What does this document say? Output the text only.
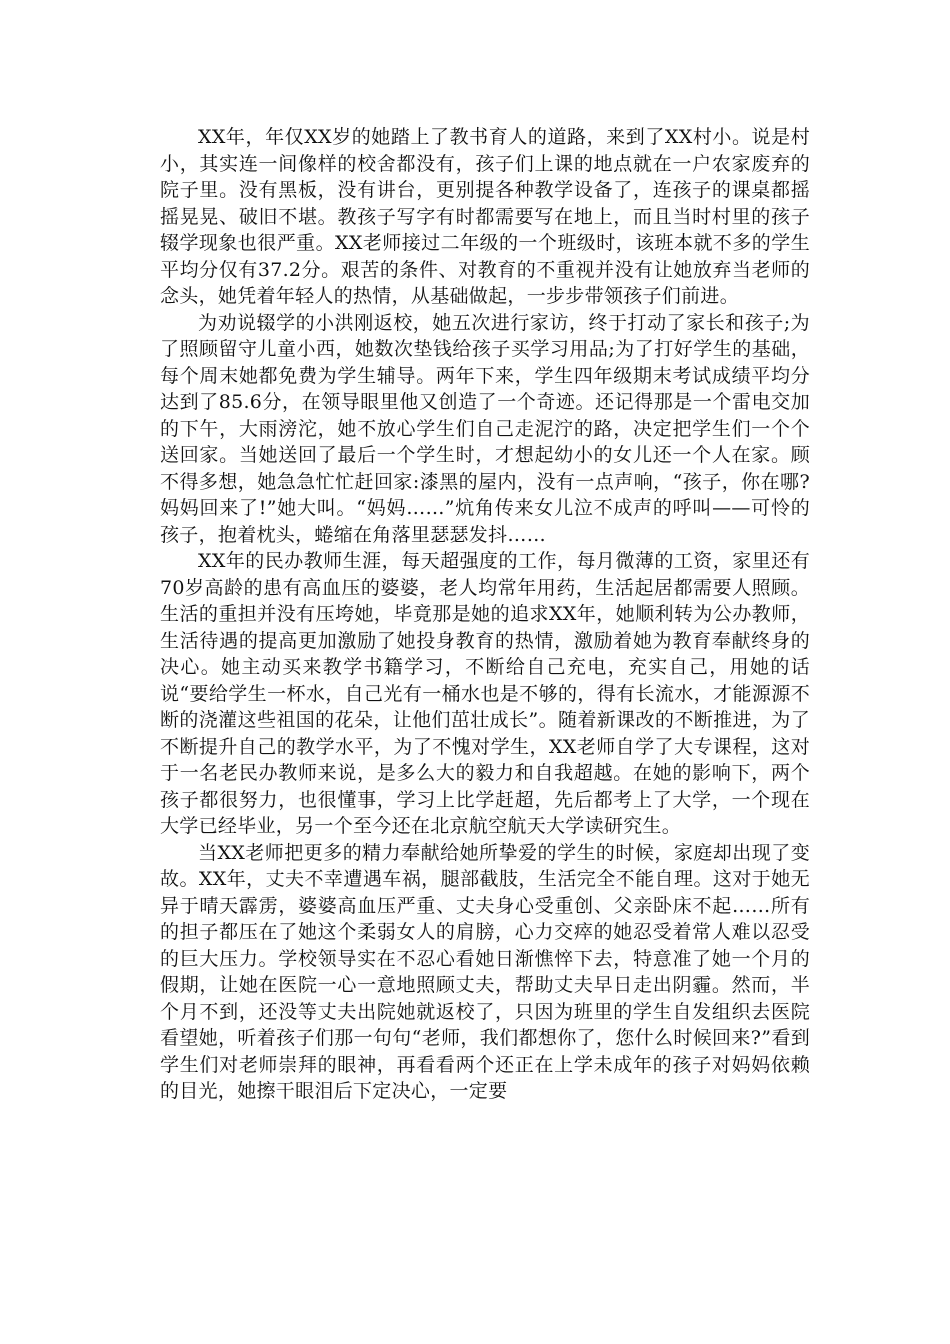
XX年，年仅XX岁的她踏上了教书育人的道路，来到了XX村小。说是村小，其实连一间像样的校舍都没有，孩子们上课的地点就在一户农家废弃的院子里。没有黑板，没有讲台，更别提各种教学设备了，连孩子的课桌都摇摇晃晃、破旧不堪。教孩子写字有时都需要写在地上，而且当时村里的孩子辍学现象也很严重。XX老师接过二年级的一个班级时，该班本就不多的学生平均分仅有37.2分。艰苦的条件、对教育的不重视并没有让她放弃当老师的念头，她凭着年轻人的热情，从基础做起，一步步带领孩子们前进。

为劝说辍学的小洪刚返校，她五次进行家访，终于打动了家长和孩子;为了照顾留守儿童小西，她数次垫钱给孩子买学习用品;为了打好学生的基础，每个周末她都免费为学生辅导。两年下来，学生四年级期末考试成绩平均分达到了85.6分，在领导眼里他又创造了一个奇迹。还记得那是一个雷电交加的下午，大雨滂沱，她不放心学生们自己走泥泞的路，决定把学生们一个个送回家。当她送回了最后一个学生时，才想起幼小的女儿还一个人在家。顾不得多想，她急急忙忙赶回家:漆黑的屋内，没有一点声响，“孩子，你在哪?妈妈回来了!”她大叫。“妈妈……”炕角传来女儿泣不成声的呼叫——可怜的孩子，抱着枕头，蜷缩在角落里瑟瑟发抖……

XX年的民办教师生涯，每天超强度的工作，每月微薄的工资，家里还有70岁高龄的患有高血压的婆婆，老人均常年用药，生活起居都需要人照顾。生活的重担并没有压垮她，毕竟那是她的追求XX年，她顺利转为公办教师，生活待遇的提高更加激励了她投身教育的热情，激励着她为教育奉献终身的决心。她主动买来教学书籍学习，不断给自己充电，充实自己，用她的话说“要给学生一杯水，自己光有一桶水也是不够的，得有长流水，才能源源不断的浇灌这些祖国的花朵，让他们茁壮成长”。随着新课改的不断推进，为了不断提升自己的教学水平，为了不愧对学生，XX老师自学了大专课程，这对于一名老民办教师来说，是多么大的毅力和自我超越。在她的影响下，两个孩子都很努力，也很懂事，学习上比学赶超，先后都考上了大学，一个现在大学已经毕业，另一个至今还在北京航空航天大学读研究生。

当XX老师把更多的精力奉献给她所挚爱的学生的时候，家庭却出现了变故。XX年，丈夫不幸遭遇车祸，腿部截肢，生活完全不能自理。这对于她无异于晴天霹雳，婆婆高血压严重、丈夫身心受重创、父亲卧床不起……所有的担子都压在了她这个柔弱女人的肩膀，心力交瘁的她忍受着常人难以忍受的巨大压力。学校领导实在不忍心看她日渐憔悴下去，特意准了她一个月的假期，让她在医院一心一意地照顾丈夫，帮助丈夫早日走出阴霾。然而，半个月不到，还没等丈夫出院她就返校了，只因为班里的学生自发组织去医院看望她，听着孩子们那一句句“老师，我们都想你了，您什么时候回来?”看到学生们对老师崇拜的眼神，再看看两个还正在上学未成年的孩子对妈妈依赖的目光，她擦干眼泪后下定决心，一定要
